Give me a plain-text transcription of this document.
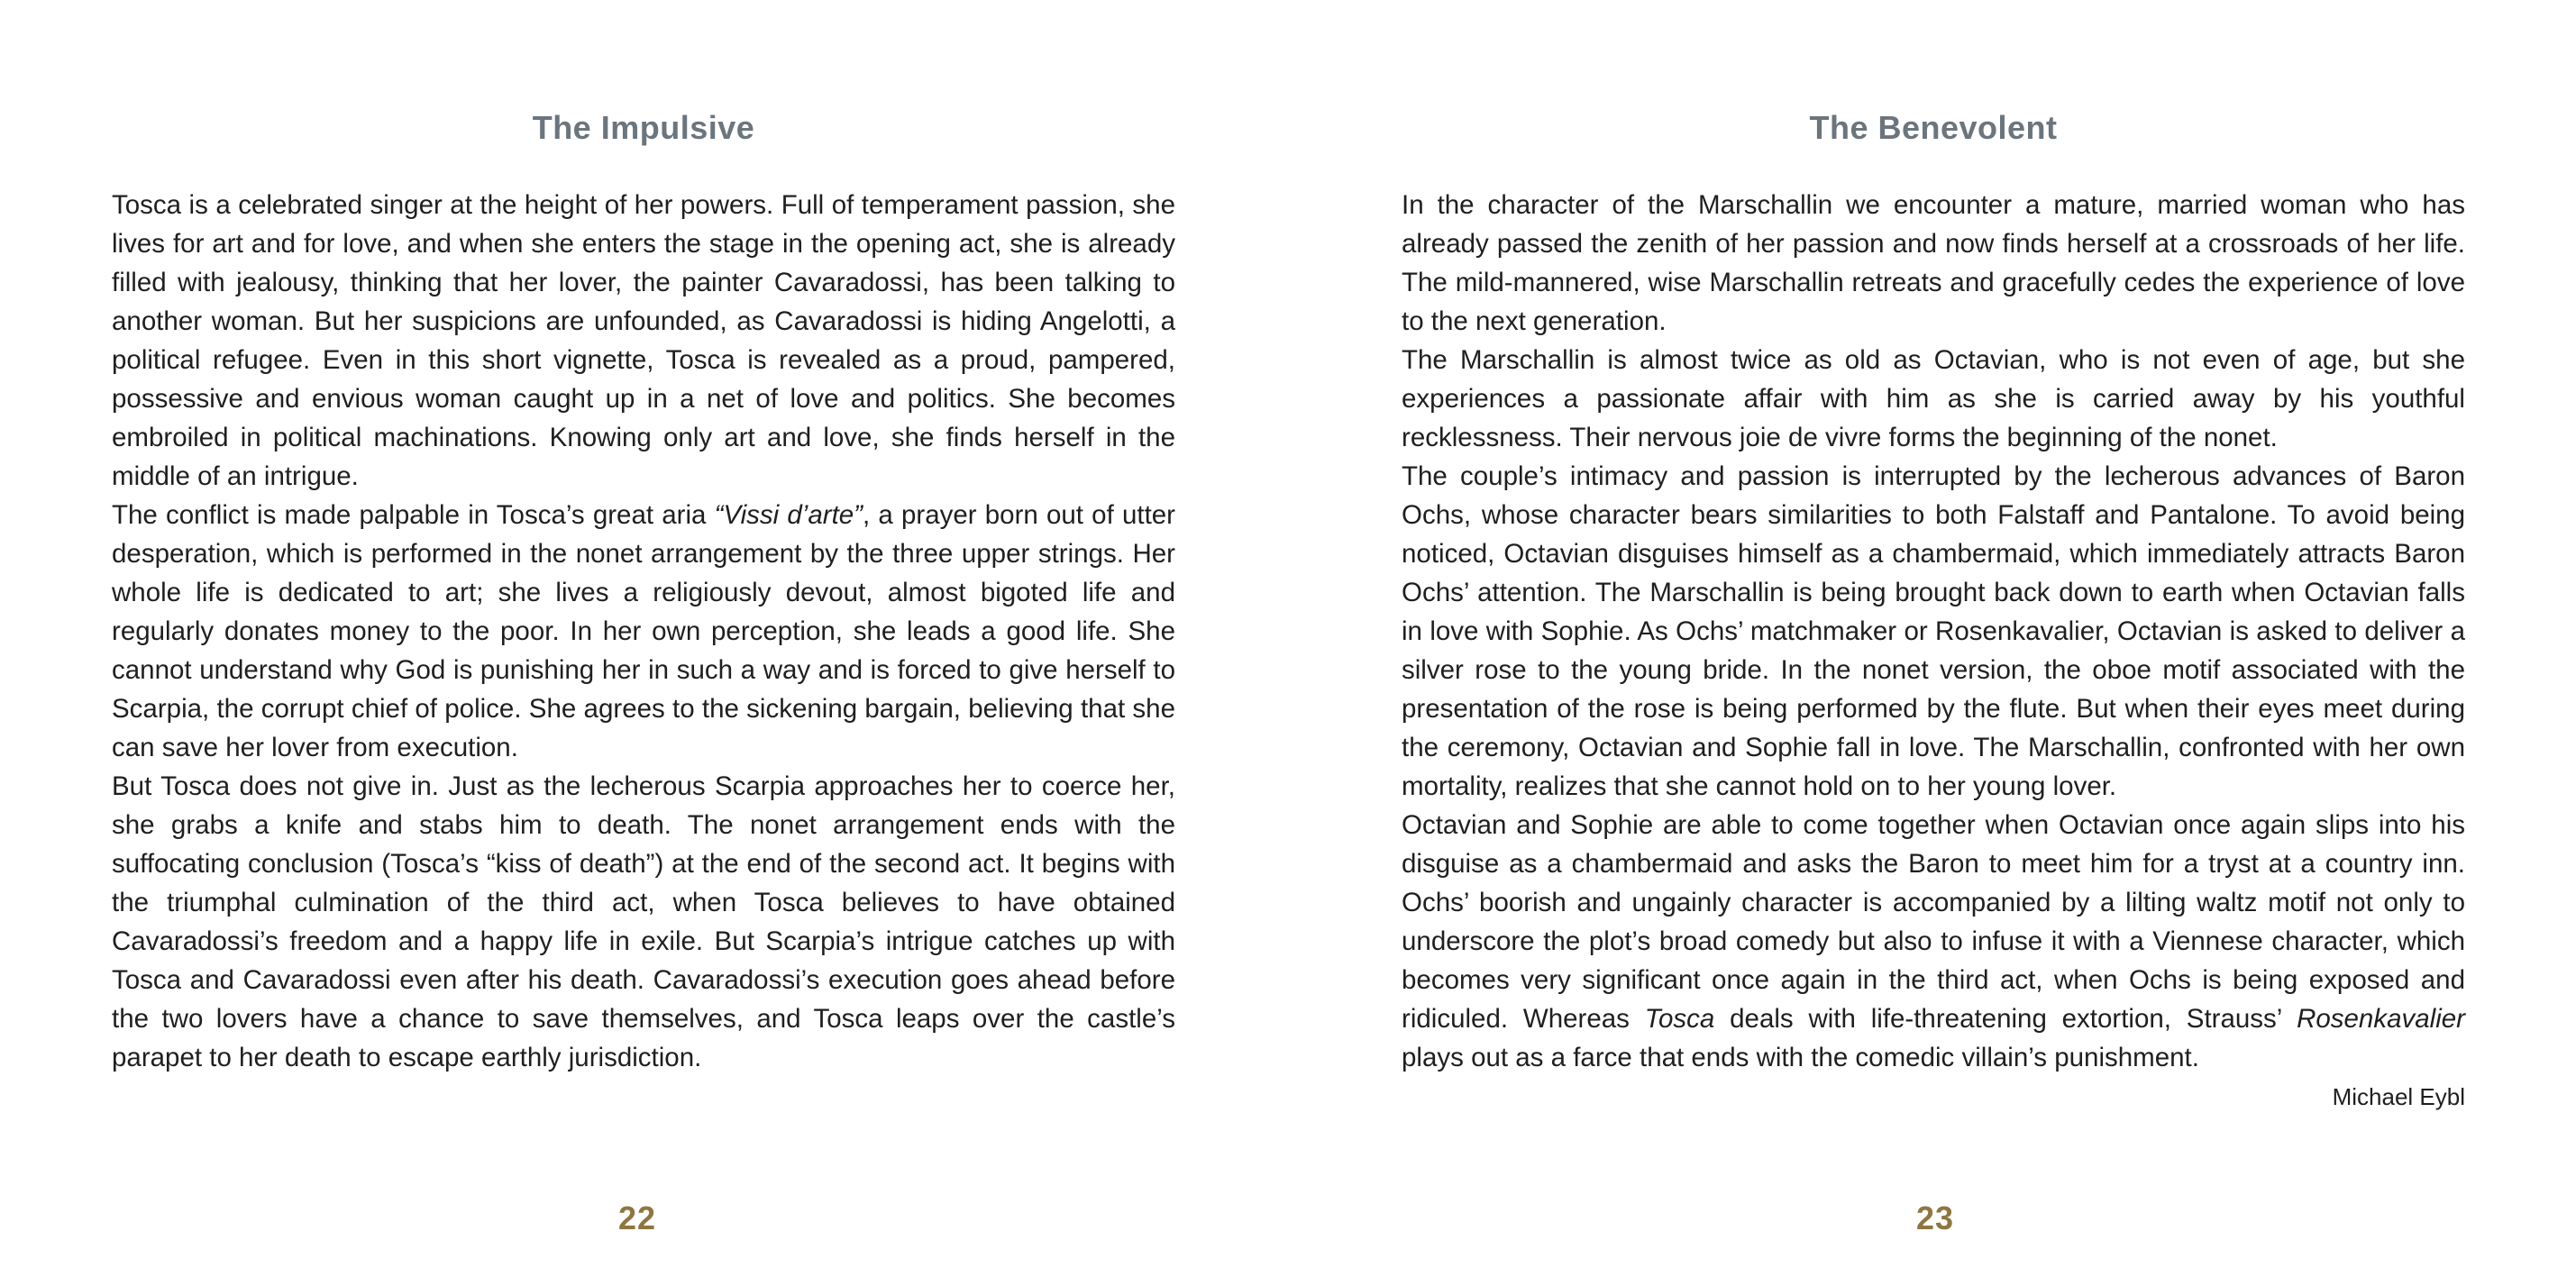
The Impulsive

Tosca is a celebrated singer at the height of her powers. Full of temperament passion, she lives for art and for love, and when she enters the stage in the opening act, she is already filled with jealousy, thinking that her lover, the painter Cavaradossi, has been talking to another woman. But her suspicions are unfounded, as Cavaradossi is hiding Angelotti, a political refugee. Even in this short vignette, Tosca is revealed as a proud, pampered, possessive and envious woman caught up in a net of love and politics. She becomes embroiled in political machinations. Knowing only art and love, she finds herself in the middle of an intrigue.

The conflict is made palpable in Tosca’s great aria “Vissi d’arte”, a prayer born out of utter desperation, which is performed in the nonet arrangement by the three upper strings. Her whole life is dedicated to art; she lives a religiously devout, almost bigoted life and regularly donates money to the poor. In her own perception, she leads a good life. She cannot understand why God is punishing her in such a way and is forced to give herself to Scarpia, the corrupt chief of police. She agrees to the sickening bargain, believing that she can save her lover from execution.

But Tosca does not give in. Just as the lecherous Scarpia approaches her to coerce her, she grabs a knife and stabs him to death. The nonet arrangement ends with the suffocating conclusion (Tosca’s “kiss of death”) at the end of the second act. It begins with the triumphal culmination of the third act, when Tosca believes to have obtained Cavaradossi’s freedom and a happy life in exile. But Scarpia’s intrigue catches up with Tosca and Cavaradossi even after his death. Cavaradossi’s execution goes ahead before the two lovers have a chance to save themselves, and Tosca leaps over the castle’s parapet to her death to escape earthly jurisdiction.

22
The Benevolent

In the character of the Marschallin we encounter a mature, married woman who has already passed the zenith of her passion and now finds herself at a crossroads of her life. The mild-mannered, wise Marschallin retreats and gracefully cedes the experience of love to the next generation.

The Marschallin is almost twice as old as Octavian, who is not even of age, but she experiences a passionate affair with him as she is carried away by his youthful recklessness. Their nervous joie de vivre forms the beginning of the nonet.

The couple’s intimacy and passion is interrupted by the lecherous advances of Baron Ochs, whose character bears similarities to both Falstaff and Pantalone. To avoid being noticed, Octavian disguises himself as a chambermaid, which immediately attracts Baron Ochs’ attention. The Marschallin is being brought back down to earth when Octavian falls in love with Sophie. As Ochs’ matchmaker or Rosenkavalier, Octavian is asked to deliver a silver rose to the young bride. In the nonet version, the oboe motif associated with the presentation of the rose is being performed by the flute. But when their eyes meet during the ceremony, Octavian and Sophie fall in love. The Marschallin, confronted with her own mortality, realizes that she cannot hold on to her young lover.

Octavian and Sophie are able to come together when Octavian once again slips into his disguise as a chambermaid and asks the Baron to meet him for a tryst at a country inn. Ochs’ boorish and ungainly character is accompanied by a lilting waltz motif not only to underscore the plot’s broad comedy but also to infuse it with a Viennese character, which becomes very significant once again in the third act, when Ochs is being exposed and ridiculed. Whereas Tosca deals with life-threatening extortion, Strauss’ Rosenkavalier plays out as a farce that ends with the comedic villain’s punishment.

Michael Eybl
23
